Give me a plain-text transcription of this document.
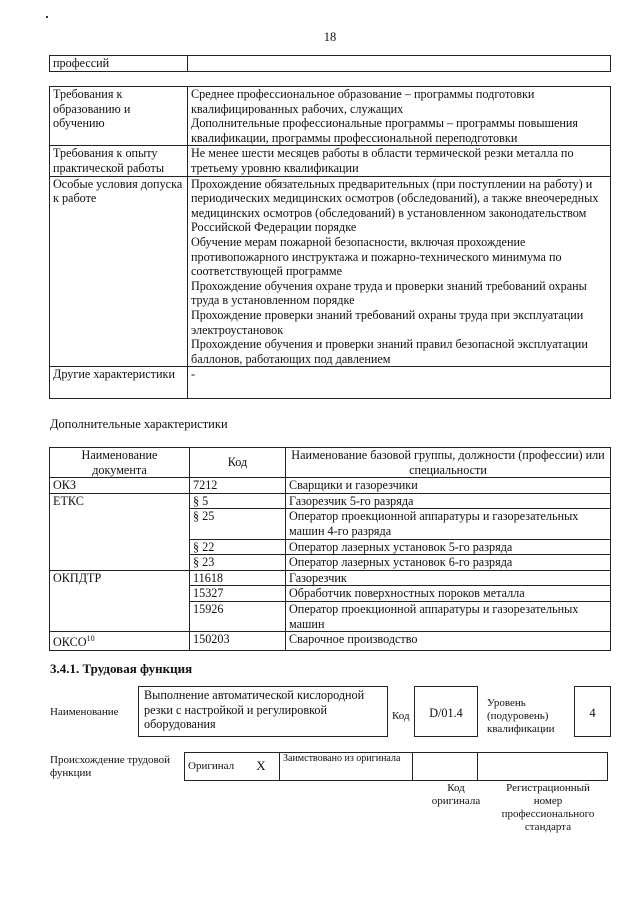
18
профессий	
Требования к образованию и обучению	Среднее профессиональное образование – программы подготовки квалифицированных рабочих, служащих
Дополнительные профессиональные программы – программы повышения квалификации, программы профессиональной переподготовки

Требования к опыту практической работы	Не менее шести месяцев работы в области термической резки металла по третьему уровню квалификации
Особые условия допуска к работе	Прохождение обязательных предварительных (при поступлении на работу) и периодических медицинских осмотров (обследований), а также внеочередных медицинских осмотров (обследований) в установленном законодательством Российской Федерации порядке
Обучение мерам пожарной безопасности, включая прохождение противопожарного инструктажа и пожарно-технического минимума по соответствующей программе
Прохождение обучения охране труда и проверки знаний требований охраны труда в установленном порядке
Прохождение проверки знаний требований охраны труда при эксплуатации электроустановок
Прохождение обучения и проверки знаний правил безопасной эксплуатации баллонов, работающих под давлением

Другие характеристики	-
Дополнительные характеристики
Наименование документа	Код	Наименование базовой группы, должности (профессии) или специальности
ОКЗ	7212	Сварщики и газорезчики
ЕТКС	§ 5	Газорезчик 5-го разряда
	§ 25	Оператор проекционной аппаратуры и газорезательных машин 4-го разряда
	§ 22	Оператор лазерных установок 5-го разряда
	§ 23	Оператор лазерных установок 6-го разряда
ОКПДТР	11618	Газорезчик
	15327	Обработчик поверхностных пороков металла
	15926	Оператор проекционной аппаратуры и газорезательных машин
ОКСО$^{10}$	150203	Сварочное производство
3.4.1. Трудовая функция
Наименование
Выполнение автоматической кислородной резки с настройкой и регулировкой оборудования
Код	D/01.4
Уровень (подуровень) квалификации
4
Происхождение трудовой функции
Оригинал	X	Заимствовано из оригинала		
Код оригинала
Регистрационный номер профессионального стандарта
